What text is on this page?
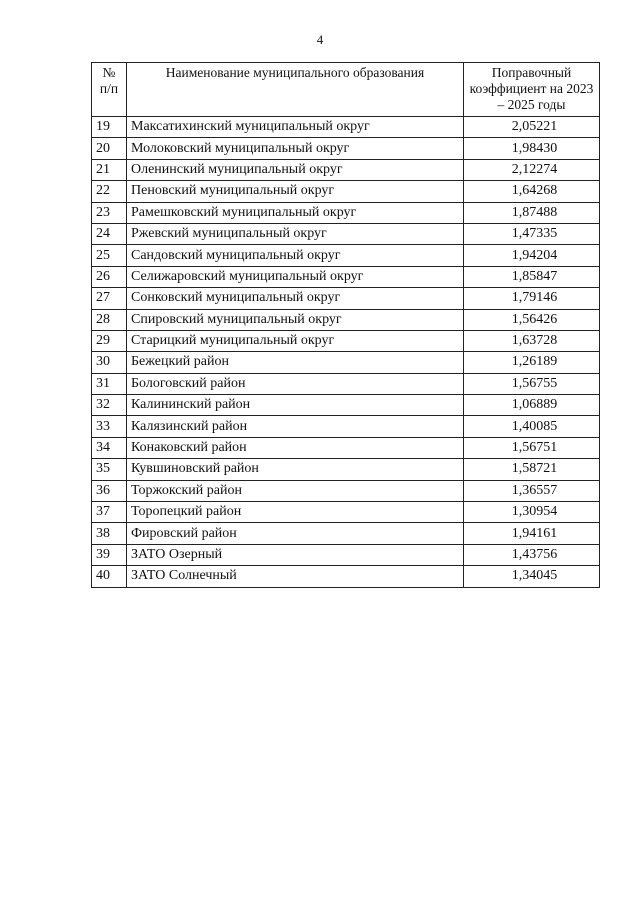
4
№ п/п	Наименование муниципального образования	Поправочный коэффициент на 2023 – 2025 годы
19	Максатихинский муниципальный округ	2,05221
20	Молоковский муниципальный округ	1,98430
21	Оленинский муниципальный округ	2,12274
22	Пеновский муниципальный округ	1,64268
23	Рамешковский муниципальный округ	1,87488
24	Ржевский муниципальный округ	1,47335
25	Сандовский муниципальный округ	1,94204
26	Селижаровский муниципальный округ	1,85847
27	Сонковский муниципальный округ	1,79146
28	Спировский муниципальный округ	1,56426
29	Старицкий муниципальный округ	1,63728
30	Бежецкий район	1,26189
31	Бологовский район	1,56755
32	Калининский район	1,06889
33	Калязинский район	1,40085
34	Конаковский район	1,56751
35	Кувшиновский район	1,58721
36	Торжокский район	1,36557
37	Торопецкий район	1,30954
38	Фировский район	1,94161
39	ЗАТО Озерный	1,43756
40	ЗАТО Солнечный	1,34045
